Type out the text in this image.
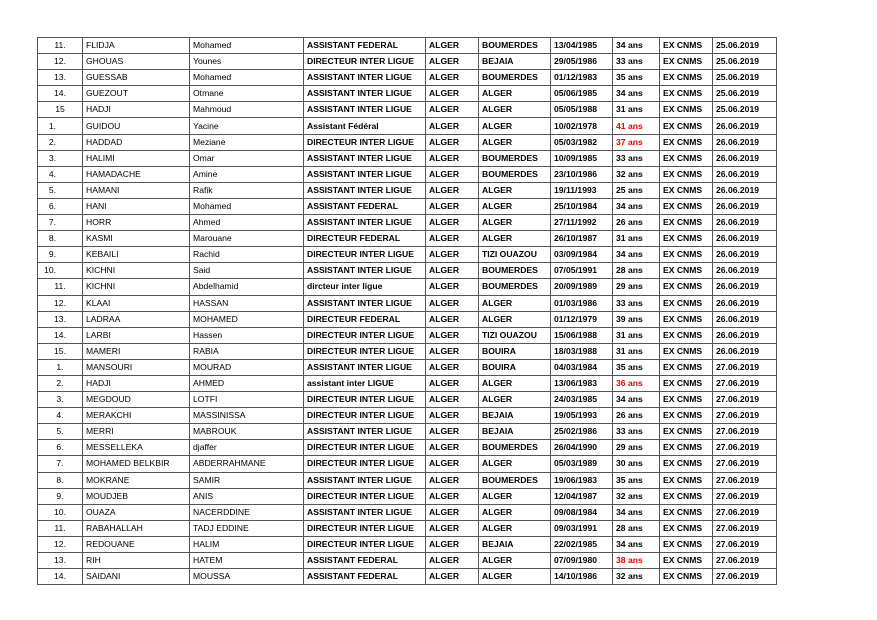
11.	FLIDJA	Mohamed	ASSISTANT FEDERAL	ALGER	BOUMERDES	13/04/1985	34 ans	EX CNMS	25.06.2019
12.	GHOUAS	Younes	DIRECTEUR INTER LIGUE	ALGER	BEJAIA	29/05/1986	33 ans	EX CNMS	25.06.2019
13.	GUESSAB	Mohamed	ASSISTANT INTER LIGUE	ALGER	BOUMERDES	01/12/1983	35 ans	EX CNMS	25.06.2019
14.	GUEZOUT	Otmane	ASSISTANT INTER LIGUE	ALGER	ALGER	05/06/1985	34 ans	EX CNMS	25.06.2019
15	HADJI	Mahmoud	ASSISTANT INTER LIGUE	ALGER	ALGER	05/05/1988	31 ans	EX CNMS	25.06.2019
1.	GUIDOU	Yacine	Assistant Fédéral	ALGER	ALGER	10/02/1978	41 ans	EX CNMS	26.06.2019
2.	HADDAD	Meziane	DIRECTEUR INTER LIGUE	ALGER	ALGER	05/03/1982	37 ans	EX CNMS	26.06.2019
3.	HALIMI	Omar	ASSISTANT INTER LIGUE	ALGER	BOUMERDES	10/09/1985	33 ans	EX CNMS	26.06.2019
4.	HAMADACHE	Amine	ASSISTANT INTER LIGUE	ALGER	BOUMERDES	23/10/1986	32 ans	EX CNMS	26.06.2019
5.	HAMANI	Rafik	ASSISTANT INTER LIGUE	ALGER	ALGER	19/11/1993	25 ans	EX CNMS	26.06.2019
6.	HANI	Mohamed	ASSISTANT FEDERAL	ALGER	ALGER	25/10/1984	34 ans	EX CNMS	26.06.2019
7.	HORR	Ahmed	ASSISTANT INTER LIGUE	ALGER	ALGER	27/11/1992	26 ans	EX CNMS	26.06.2019
8.	KASMI	Marouane	DIRECTEUR FEDERAL	ALGER	ALGER	26/10/1987	31 ans	EX CNMS	26.06.2019
9.	KEBAILI	Rachid	DIRECTEUR INTER LIGUE	ALGER	TIZI OUAZOU	03/09/1984	34 ans	EX CNMS	26.06.2019
10.	KICHNI	Said	ASSISTANT INTER LIGUE	ALGER	BOUMERDES	07/05/1991	28 ans	EX CNMS	26.06.2019
11.	KICHNI	Abdelhamid	dircteur inter ligue	ALGER	BOUMERDES	20/09/1989	29 ans	EX CNMS	26.06.2019
12.	KLAAI	HASSAN	ASSISTANT INTER LIGUE	ALGER	ALGER	01/03/1986	33 ans	EX CNMS	26.06.2019
13.	LADRAA	MOHAMED	DIRECTEUR FEDERAL	ALGER	ALGER	01/12/1979	39 ans	EX CNMS	26.06.2019
14.	LARBI	Hassen	DIRECTEUR INTER LIGUE	ALGER	TIZI OUAZOU	15/06/1988	31 ans	EX CNMS	26.06.2019
15.	MAMERI	RABIA	DIRECTEUR INTER LIGUE	ALGER	BOUIRA	18/03/1988	31 ans	EX CNMS	26.06.2019
1.	MANSOURI	MOURAD	ASSISTANT INTER LIGUE	ALGER	BOUIRA	04/03/1984	35 ans	EX CNMS	27.06.2019
2.	HADJI	AHMED	assistant inter LIGUE	ALGER	ALGER	13/06/1983	36 ans	EX CNMS	27.06.2019
3.	MEGDOUD	LOTFI	DIRECTEUR INTER LIGUE	ALGER	ALGER	24/03/1985	34 ans	EX CNMS	27.06.2019
4.	MERAKCHI	MASSINISSA	DIRECTEUR INTER LIGUE	ALGER	BEJAIA	19/05/1993	26 ans	EX CNMS	27.06.2019
5.	MERRI	MABROUK	ASSISTANT INTER LIGUE	ALGER	BEJAIA	25/02/1986	33 ans	EX CNMS	27.06.2019
6.	MESSELLEKA	djaffer	DIRECTEUR INTER LIGUE	ALGER	BOUMERDES	26/04/1990	29 ans	EX CNMS	27.06.2019
7.	MOHAMED BELKBIR	ABDERRAHMANE	DIRECTEUR INTER LIGUE	ALGER	ALGER	05/03/1989	30 ans	EX CNMS	27.06.2019
8.	MOKRANE	SAMIR	ASSISTANT INTER LIGUE	ALGER	BOUMERDES	19/06/1983	35 ans	EX CNMS	27.06.2019
9.	MOUDJEB	ANIS	DIRECTEUR INTER LIGUE	ALGER	ALGER	12/04/1987	32 ans	EX CNMS	27.06.2019
10.	OUAZA	NACERDDINE	ASSISTANT INTER LIGUE	ALGER	ALGER	09/08/1984	34 ans	EX CNMS	27.06.2019
11.	RABAHALLAH	TADJ EDDINE	DIRECTEUR INTER LIGUE	ALGER	ALGER	09/03/1991	28 ans	EX CNMS	27.06.2019
12.	REDOUANE	HALIM	DIRECTEUR INTER LIGUE	ALGER	BEJAIA	22/02/1985	34 ans	EX CNMS	27.06.2019
13.	RIH	HATEM	ASSISTANT FEDERAL	ALGER	ALGER	07/09/1980	38 ans	EX CNMS	27.06.2019
14.	SAIDANI	MOUSSA	ASSISTANT FEDERAL	ALGER	ALGER	14/10/1986	32 ans	EX CNMS	27.06.2019
